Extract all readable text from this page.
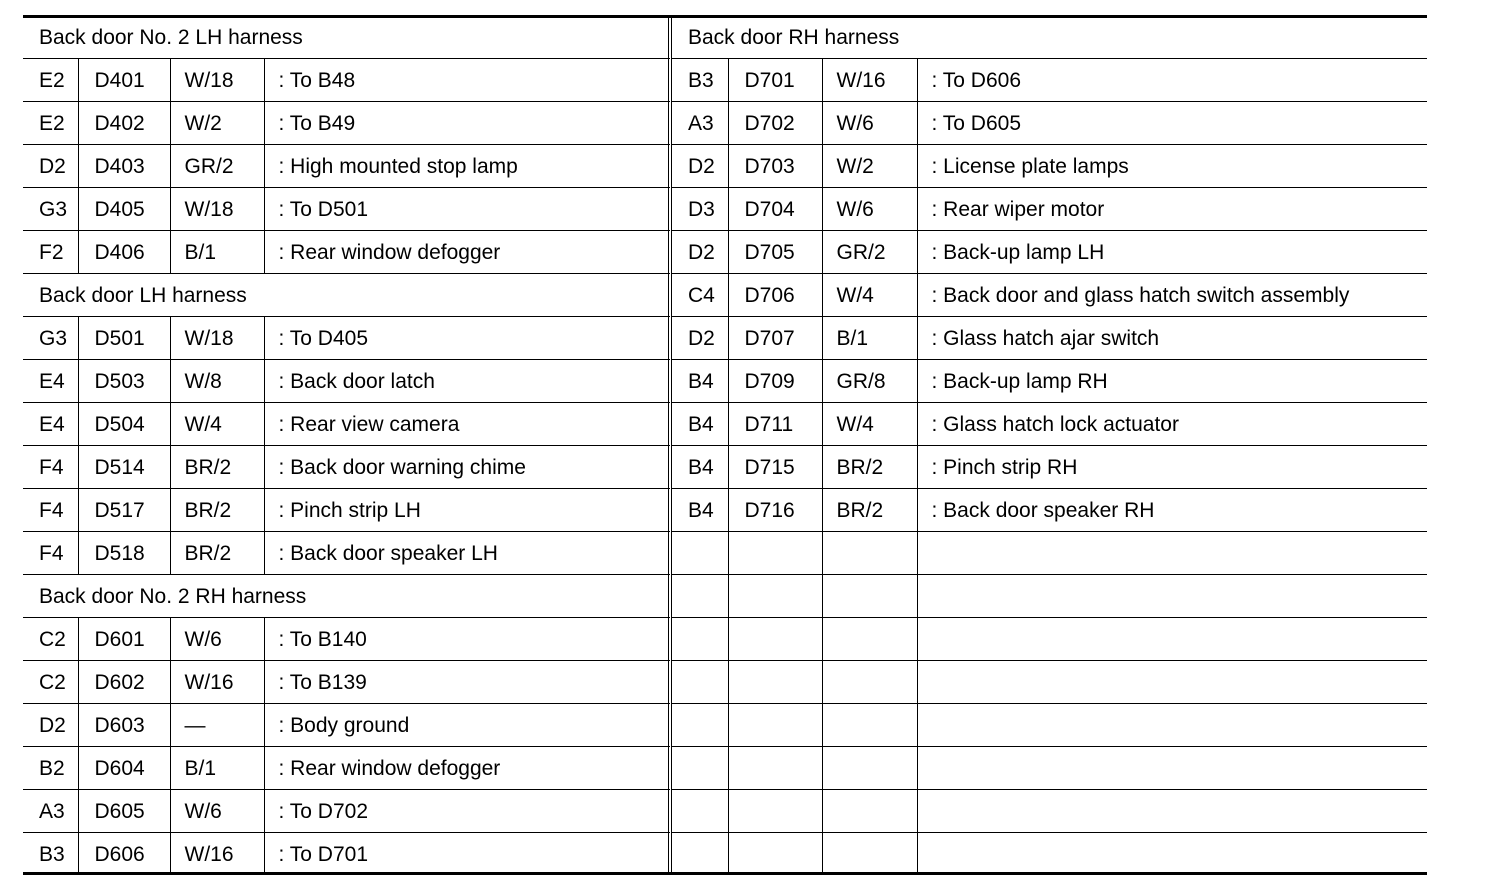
Back door No. 2 LH harness			
E2	D401	W/18	: To B48
E2	D402	W/2	: To B49
D2	D403	GR/2	: High mounted stop lamp
G3	D405	W/18	: To D501
F2	D406	B/1	: Rear window defogger
Back door LH harness			
G3	D501	W/18	: To D405
E4	D503	W/8	: Back door latch
E4	D504	W/4	: Rear view camera
F4	D514	BR/2	: Back door warning chime
F4	D517	BR/2	: Pinch strip LH
F4	D518	BR/2	: Back door speaker LH
Back door No. 2 RH harness			
C2	D601	W/6	: To B140
C2	D602	W/16	: To B139
D2	D603	—	: Body ground
B2	D604	B/1	: Rear window defogger
A3	D605	W/6	: To D702
B3	D606	W/16	: To D701
Back door RH harness			
B3	D701	W/16	: To D606
A3	D702	W/6	: To D605
D2	D703	W/2	: License plate lamps
D3	D704	W/6	: Rear wiper motor
D2	D705	GR/2	: Back-up lamp LH
C4	D706	W/4	: Back door and glass hatch switch assembly
D2	D707	B/1	: Glass hatch ajar switch
B4	D709	GR/8	: Back-up lamp RH
B4	D711	W/4	: Glass hatch lock actuator
B4	D715	BR/2	: Pinch strip RH
B4	D716	BR/2	: Back door speaker RH
